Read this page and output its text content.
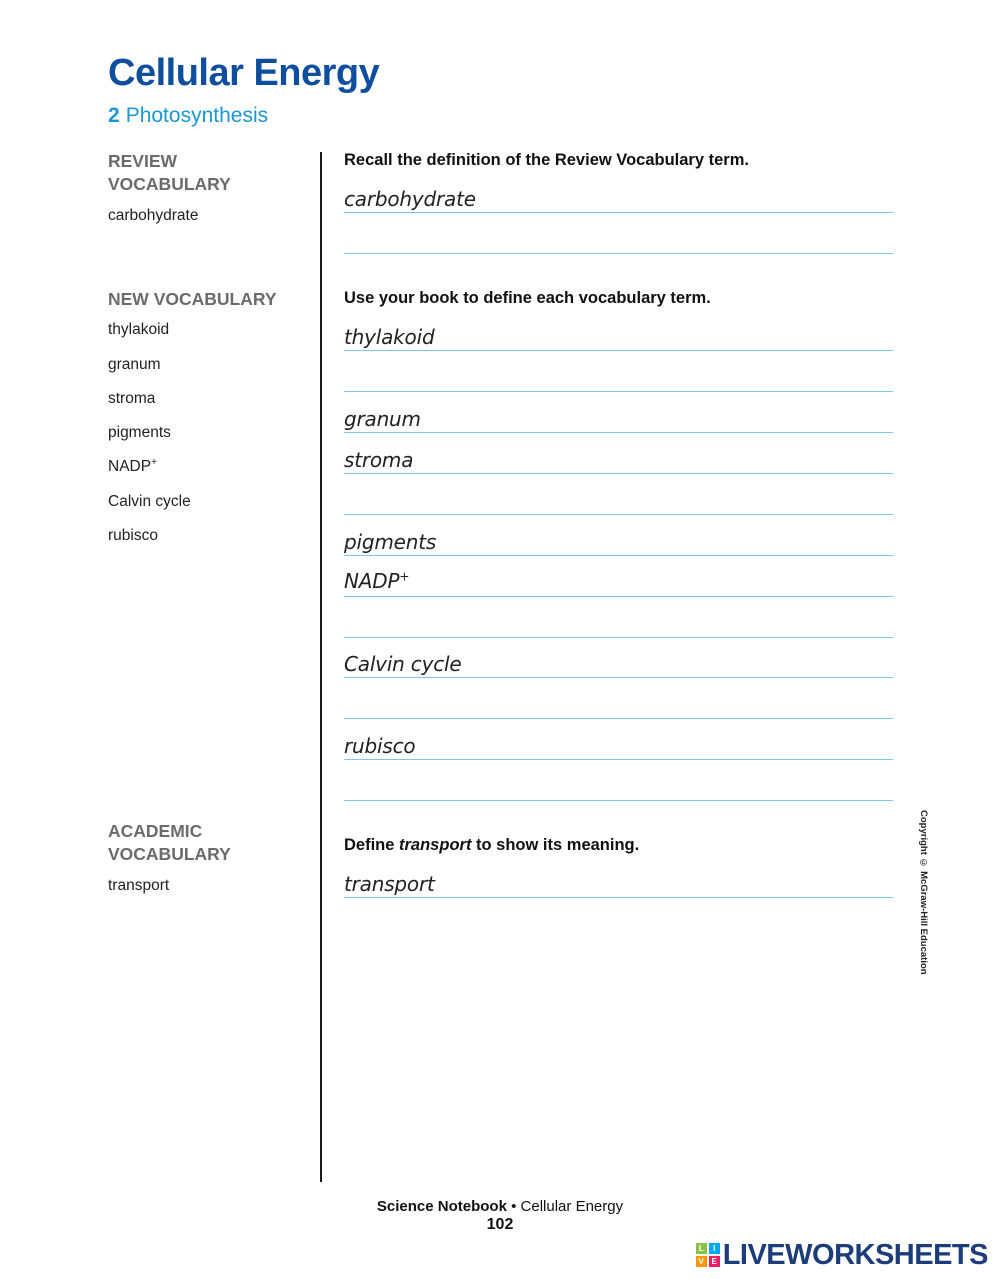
Cellular Energy
2 Photosynthesis
REVIEW
VOCABULARY
carbohydrate
NEW VOCABULARY
thylakoid
granum
stroma
pigments
NADP+
Calvin cycle
rubisco
ACADEMIC
VOCABULARY
transport
Recall the definition of the Review Vocabulary term.
carbohydrate
Use your book to define each vocabulary term.
thylakoid
granum
stroma
pigments
NADP+
Calvin cycle
rubisco
Define transport to show its meaning.
transport	Copyright © McGraw-Hill Education
Science Notebook • Cellular Energy
102
L	I
V E LIVEWORKSHEETS
